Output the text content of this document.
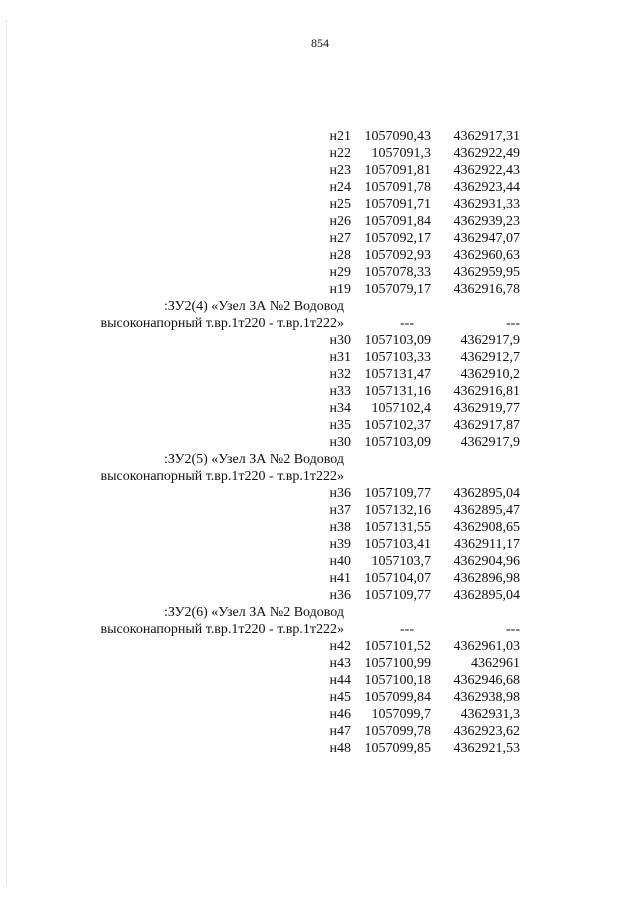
854
н21 1057090,43 4362917,31
н22 1057091,3 4362922,49
н23 1057091,81 4362922,43
н24 1057091,78 4362923,44
н25 1057091,71 4362931,33
н26 1057091,84 4362939,23
н27 1057092,17 4362947,07
н28 1057092,93 4362960,63
н29 1057078,33 4362959,95
н19 1057079,17 4362916,78
:ЗУ2(4) «Узел ЗА №2 Водовод
высоконапорный т.вр.1т220 - т.вр.1т222»	---	---
н30 1057103,09 4362917,9
н31 1057103,33 4362912,7
н32 1057131,47 4362910,2
н33 1057131,16 4362916,81
н34 1057102,4 4362919,77
н35 1057102,37 4362917,87
н30 1057103,09 4362917,9
:ЗУ2(5) «Узел ЗА №2 Водовод
высоконапорный т.вр.1т220 - т.вр.1т222»
н36 1057109,77 4362895,04
н37 1057132,16 4362895,47
н38 1057131,55 4362908,65
н39 1057103,41 4362911,17
н40 1057103,7 4362904,96
н41 1057104,07 4362896,98
н36 1057109,77 4362895,04
:ЗУ2(6) «Узел ЗА №2 Водовод
высоконапорный т.вр.1т220 - т.вр.1т222»	---	---
н42 1057101,52 4362961,03
н43 1057100,99	4362961
н44 1057100,18 4362946,68
н45 1057099,84 4362938,98
н46 1057099,7 4362931,3
н47 1057099,78 4362923,62
н48 1057099,85 4362921,53
